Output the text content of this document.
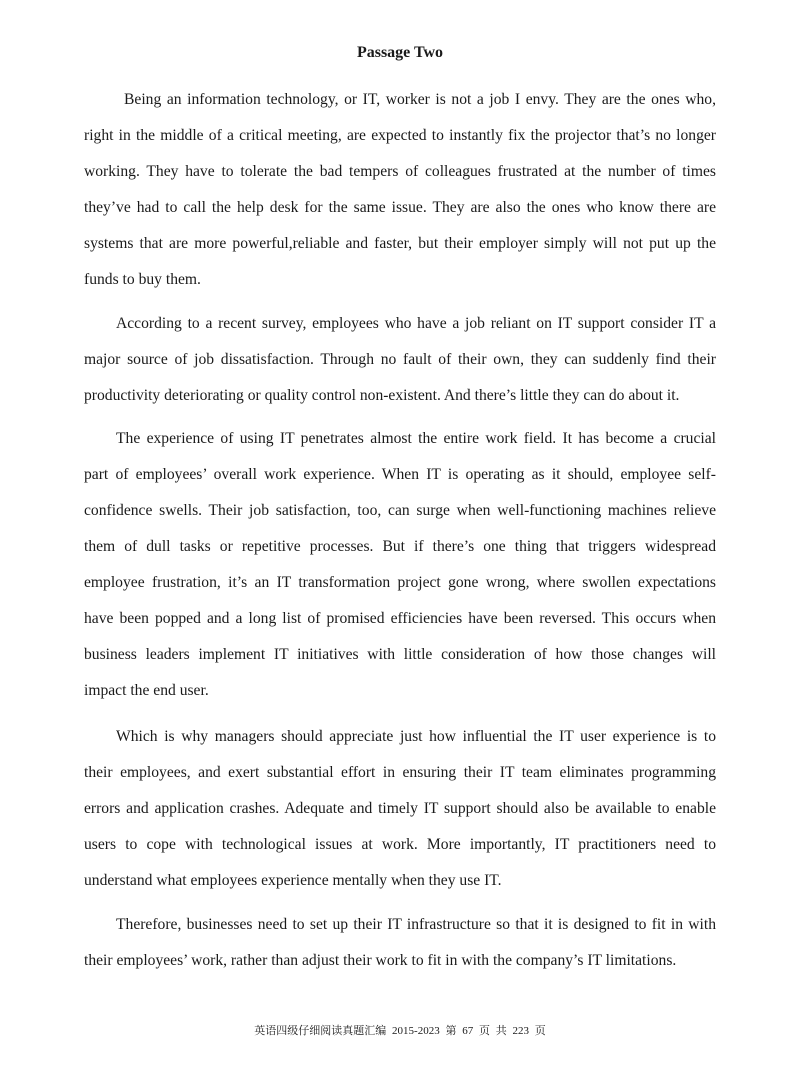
Passage Two
Being an information technology, or IT, worker is not a job I envy. They are the ones who,
right in the middle of a critical meeting, are expected to instantly fix the projector that’s no longer
working. They have to tolerate the bad tempers of colleagues frustrated at the number of times
they’ve had to call the help desk for the same issue. They are also the ones who know there are
systems that are more powerful,reliable and faster, but their employer simply will not put up the
funds to buy them.
According to a recent survey, employees who have a job reliant on IT support consider IT a
major source of job dissatisfaction. Through no fault of their own, they can suddenly find their
productivity deteriorating or quality control non-existent. And there’s little they can do about it.
The experience of using IT penetrates almost the entire work field. It has become a crucial
part of employees’ overall work experience. When IT is operating as it should, employee self-
confidence swells. Their job satisfaction, too, can surge when well-functioning machines relieve
them of dull tasks or repetitive processes. But if there’s one thing that triggers widespread
employee frustration, it’s an IT transformation project gone wrong, where swollen expectations
have been popped and a long list of promised efficiencies have been reversed. This occurs when
business leaders implement IT initiatives with little consideration of how those changes will
impact the end user.
Which is why managers should appreciate just how influential the IT user experience is to
their employees, and exert substantial effort in ensuring their IT team eliminates programming
errors and application crashes. Adequate and timely IT support should also be available to enable
users to cope with technological issues at work. More importantly, IT practitioners need to
understand what employees experience mentally when they use IT.
Therefore, businesses need to set up their IT infrastructure so that it is designed to fit in with
their employees’ work, rather than adjust their work to fit in with the company’s IT limitations.
英语四级仔细阅读真题汇编 2015-2023 第 67 页 共 223 页
